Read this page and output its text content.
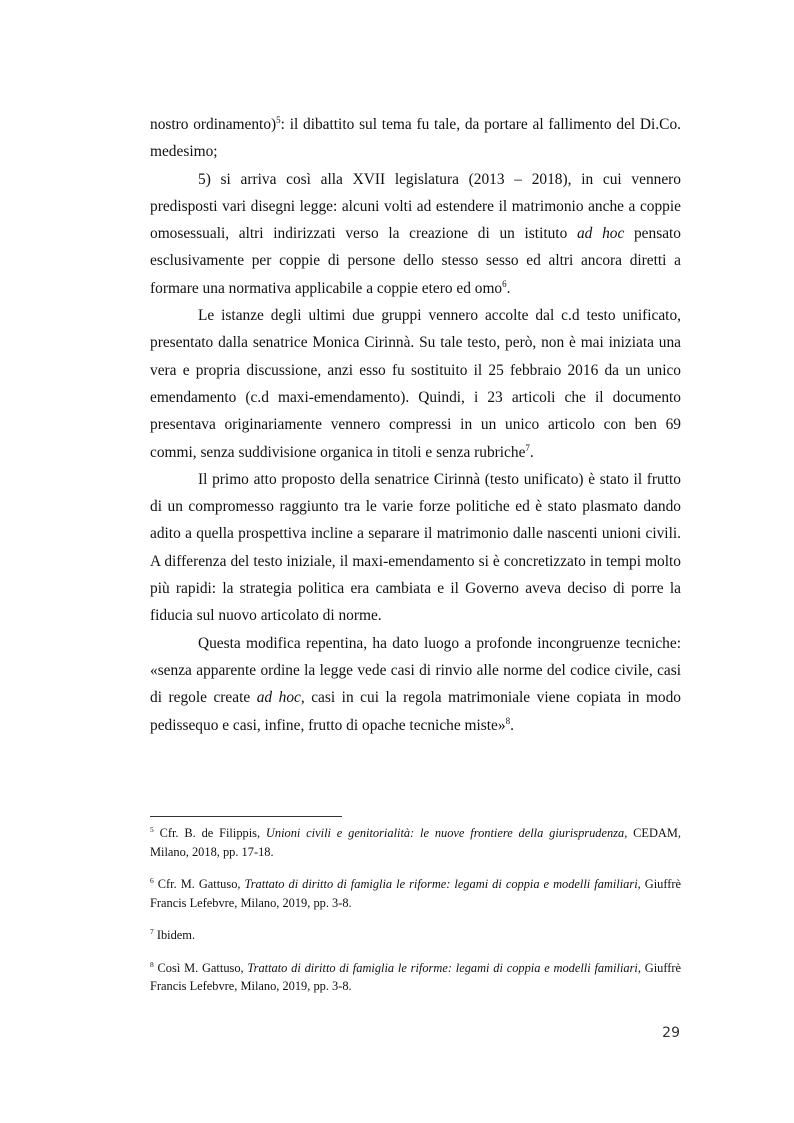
nostro ordinamento)$^5$: il dibattito sul tema fu tale, da portare al fallimento del Di.Co. medesimo;

5) si arriva così alla XVII legislatura (2013 – 2018), in cui vennero predisposti vari disegni legge: alcuni volti ad estendere il matrimonio anche a coppie omosessuali, altri indirizzati verso la creazione di un istituto ad hoc pensato esclusivamente per coppie di persone dello stesso sesso ed altri ancora diretti a formare una normativa applicabile a coppie etero ed omo$^6$.

Le istanze degli ultimi due gruppi vennero accolte dal c.d testo unificato, presentato dalla senatrice Monica Cirinnà. Su tale testo, però, non è mai iniziata una vera e propria discussione, anzi esso fu sostituito il 25 febbraio 2016 da un unico emendamento (c.d maxi-emendamento). Quindi, i 23 articoli che il documento presentava originariamente vennero compressi in un unico articolo con ben 69 commi, senza suddivisione organica in titoli e senza rubriche$^7$.

Il primo atto proposto della senatrice Cirinnà (testo unificato) è stato il frutto di un compromesso raggiunto tra le varie forze politiche ed è stato plasmato dando adito a quella prospettiva incline a separare il matrimonio dalle nascenti unioni civili. A differenza del testo iniziale, il maxi-emendamento si è concretizzato in tempi molto più rapidi: la strategia politica era cambiata e il Governo aveva deciso di porre la fiducia sul nuovo articolato di norme.

Questa modifica repentina, ha dato luogo a profonde incongruenze tecniche: «senza apparente ordine la legge vede casi di rinvio alle norme del codice civile, casi di regole create ad hoc, casi in cui la regola matrimoniale viene copiata in modo pedissequo e casi, infine, frutto di opache tecniche miste»$^8$.

$^5$ Cfr. B. de Filippis, Unioni civili e genitorialità: le nuove frontiere della giurisprudenza, CEDAM, Milano, 2018, pp. 17-18.

$^6$ Cfr. M. Gattuso, Trattato di diritto di famiglia le riforme: legami di coppia e modelli familiari, Giuffrè Francis Lefebvre, Milano, 2019, pp. 3-8.

$^7$ Ibidem.

$^8$ Così M. Gattuso, Trattato di diritto di famiglia le riforme: legami di coppia e modelli familiari, Giuffrè Francis Lefebvre, Milano, 2019, pp. 3-8.

29
